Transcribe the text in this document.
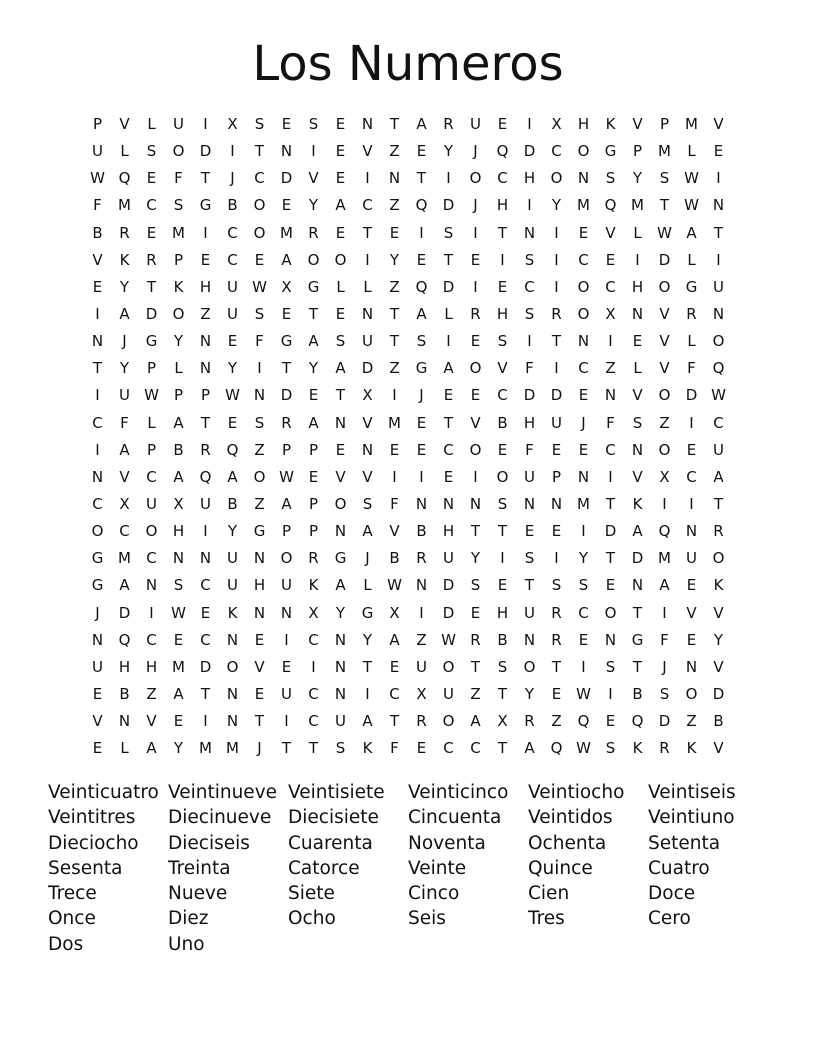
Los Numeros
P	V	L	U	I	X	S	E	S	E	N	T	A	R	U	E	I	X	H	K	V	P	M	V
U	L	S	O	D	I	T	N	I	E	V	Z	E	Y	J	Q	D	C	O	G	P	M	L	E
W Q	E	F	T	J	C	D	V	E	I	N	T	I	O	C	H	O	N	S	Y	S W	I
F	M	C	S	G	B	O	E	Y	A	C	Z	Q	D	J	H	I	Y	M Q M	T	W N
B	R	E	M	I	C	O M	R	E	T	E	I	S	I	T	N	I	E	V	L	W A	T
V	K	R	P	E	C	E	A	O	O	I	Y	E	T	E	I	S	I	C	E	I	D	L	I
E	Y	T	K	H	U W X	G	L	L	Z	Q	D	I	E	C	I	O	C	H	O	G	U
I	A	D	O	Z	U	S	E	T	E	N	T	A	L	R	H	S	R	O	X	N	V	R	N
N	J	G	Y	N	E	F	G	A	S	U	T	S	I	E	S	I	T	N	I	E	V	L	O
T	Y	P	L	N	Y	I	T	Y	A	D	Z	G	A	O	V	F	I	C	Z	L	V	F	Q
I	U W	P	P	W N	D	E	T	X	I	J	E	E	C	D	D	E	N	V	O	D W
C	F	L	A	T	E	S	R	A	N	V	M	E	T	V	B	H	U	J	F	S	Z	I	C
I	A	P	B	R	Q	Z	P	P	E	N	E	E	C	O	E	F	E	E	C	N	O	E	U
N	V	C	A	Q	A	O W E	V	V	I	I	E	I	O	U	P	N	I	V	X	C	A
C	X	U	X	U	B	Z	A	P	O	S	F	N	N	N	S	N	N M	T	K	I	I	T
O	C	O	H	I	Y	G	P	P	N	A	V	B	H	T	T	E	E	I	D	A	Q	N	R
G M	C	N	N	U	N	O	R	G	J	B	R	U	Y	I	S	I	Y	T	D M	U	O
G	A	N	S	C	U	H	U	K	A	L	W N	D	S	E	T	S	S	E	N	A	E	K
J	D	I	W E	K	N	N	X	Y	G	X	I	D	E	H	U	R	C	O	T	I	V	V
N	Q	C	E	C	N	E	I	C	N	Y	A	Z W R	B	N	R	E	N	G	F	E	Y
U	H	H M D	O	V	E	I	N	T	E	U	O	T	S	O	T	I	S	T	J	N	V
E	B	Z	A	T	N	E	U	C	N	I	C	X	U	Z	T	Y	E W	I	B	S	O	D
V	N	V	E	I	N	T	I	C	U	A	T	R	O	A	X	R	Z	Q	E	Q	D	Z	B
E	L	A	Y	M M	J	T	T	S	K	F	E	C	C	T	A	Q W S	K	R	K	V
Veinticuatro Veintinueve Veintisiete	Veinticinco	Veintiocho	Veintiseis
Veintitres	Diecinueve Diecisiete	Cincuenta	Veintidos	Veintiuno
Dieciocho	Dieciseis	Cuarenta	Noventa	Ochenta	Setenta
Sesenta	Treinta	Catorce	Veinte	Quince	Cuatro
Trece	Nueve	Siete	Cinco	Cien	Doce
Once	Diez	Ocho	Seis	Tres	Cero
Dos	Uno
